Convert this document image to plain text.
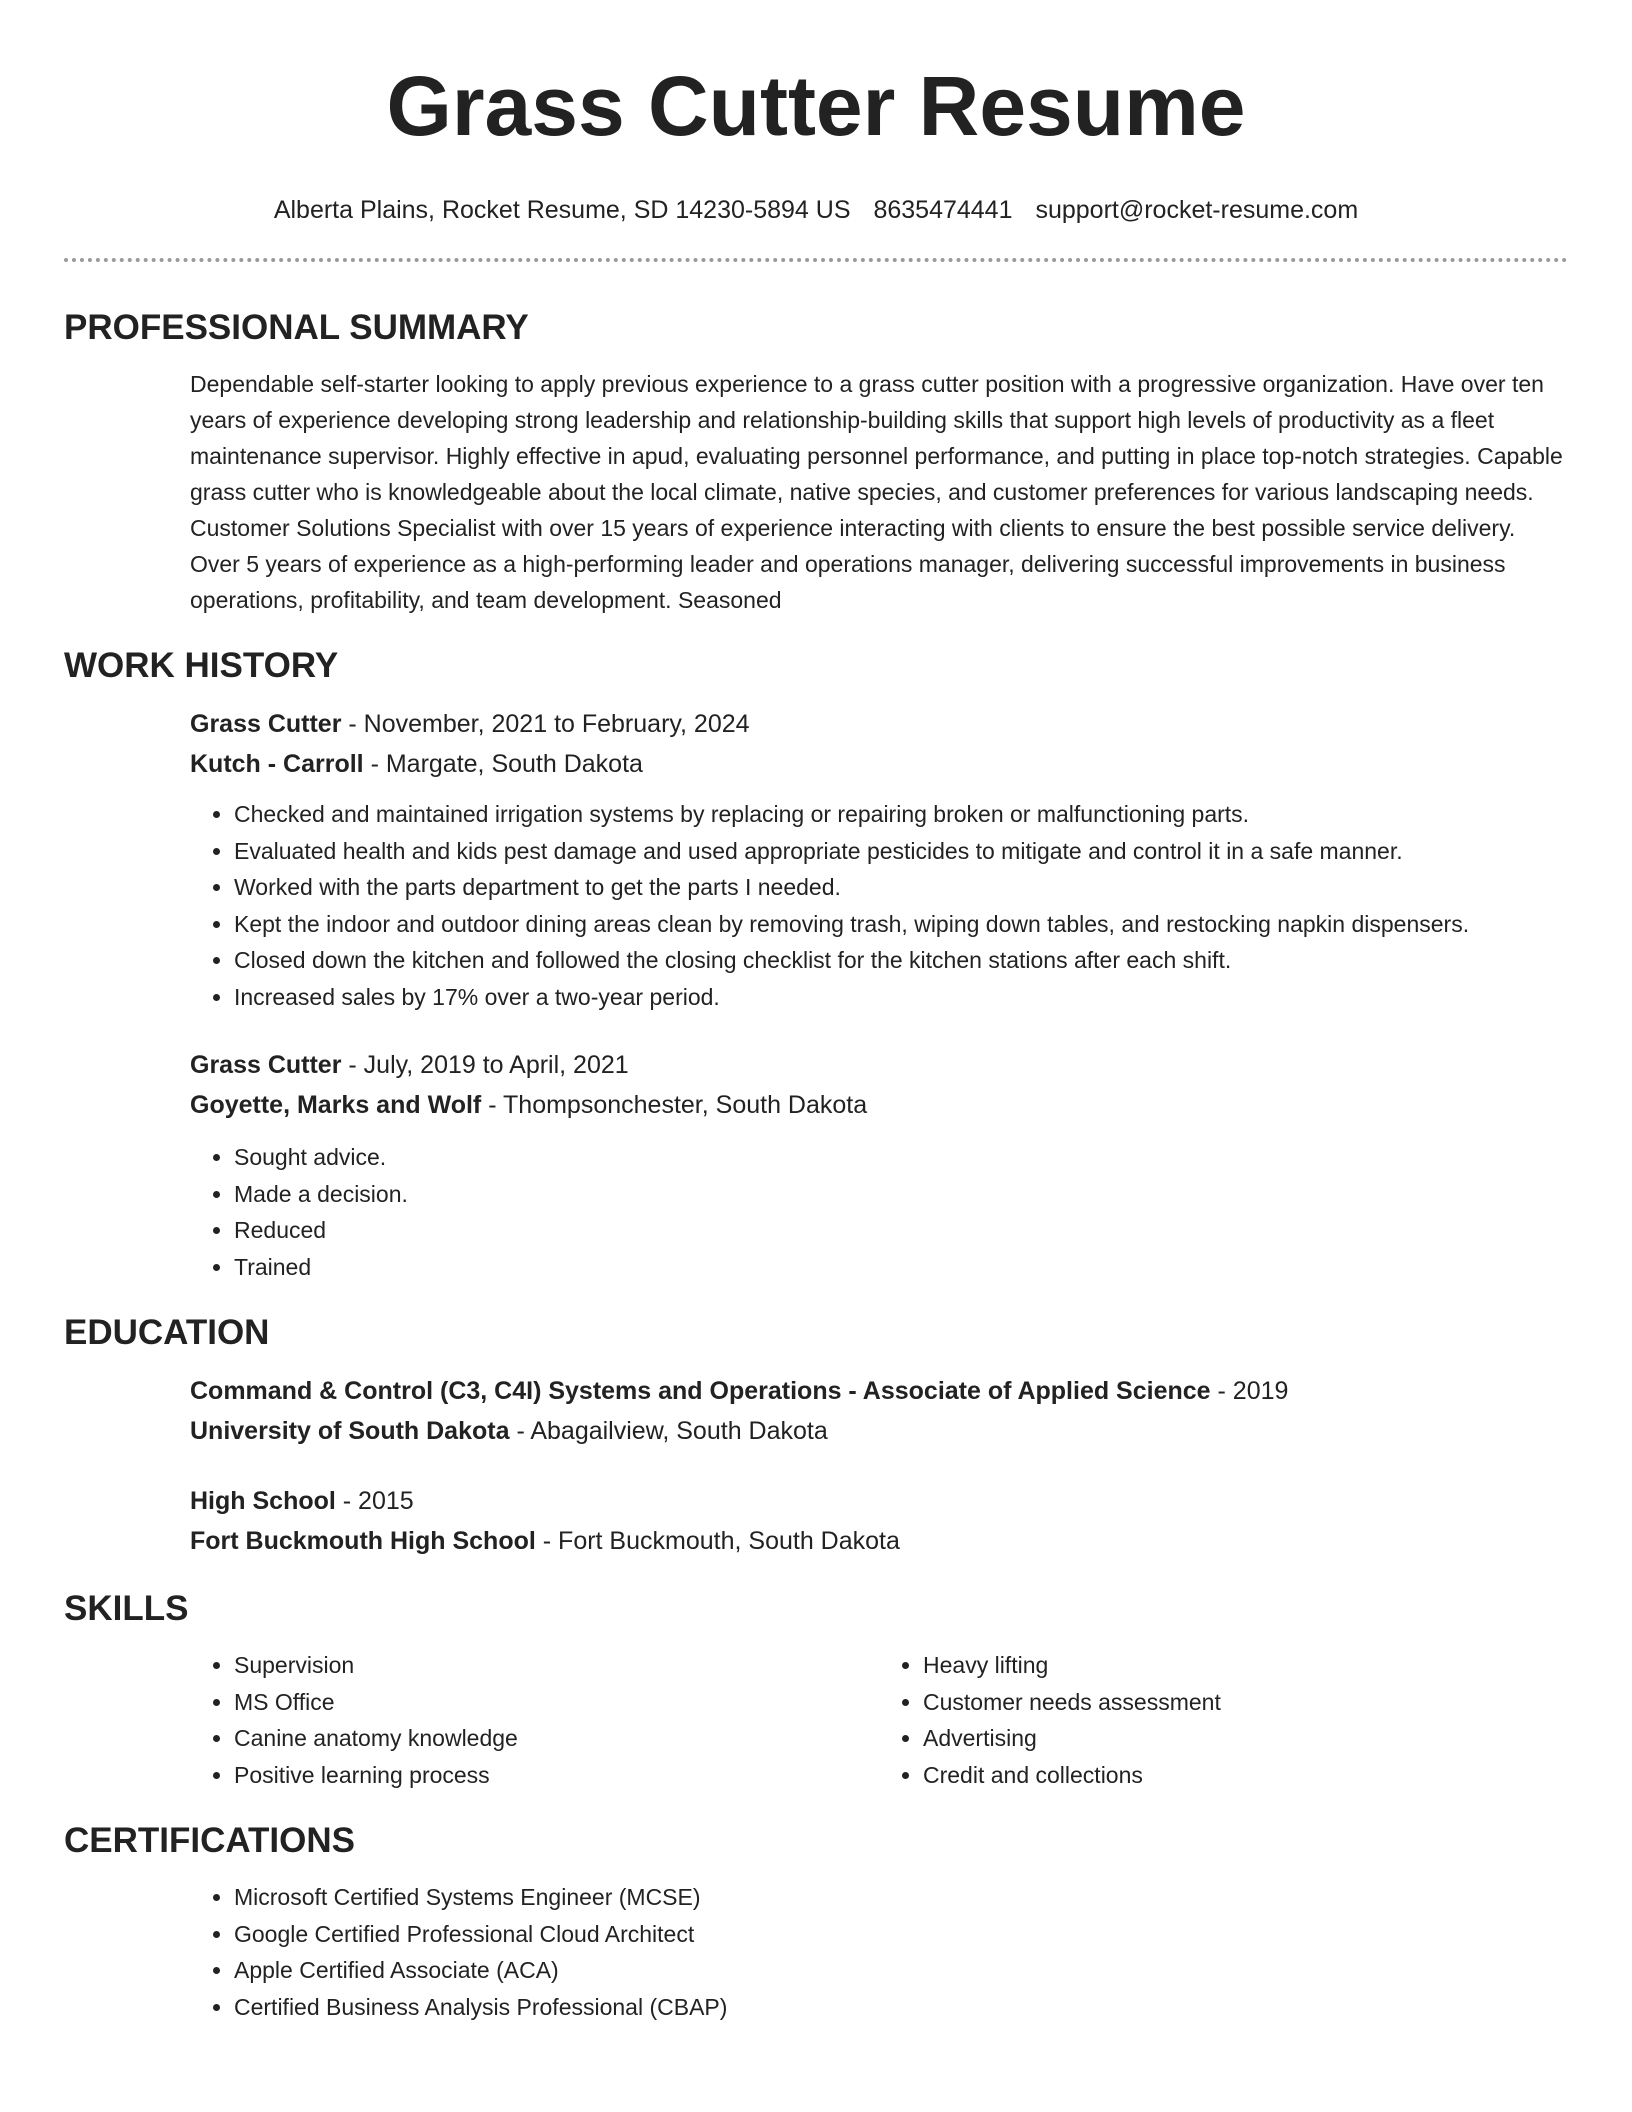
Grass Cutter Resume
Alberta Plains, Rocket Resume, SD 14230-5894 US 8635474441 support@rocket-resume.com
PROFESSIONAL SUMMARY

Dependable self-starter looking to apply previous experience to a grass cutter position with a progressive organization. Have over ten years of experience developing strong leadership and relationship-building skills that support high levels of productivity as a fleet maintenance supervisor. Highly effective in apud, evaluating personnel performance, and putting in place top-notch strategies. Capable grass cutter who is knowledgeable about the local climate, native species, and customer preferences for various landscaping needs. Customer Solutions Specialist with over 15 years of experience interacting with clients to ensure the best possible service delivery. Over 5 years of experience as a high-performing leader and operations manager, delivering successful improvements in business operations, profitability, and team development. Seasoned

WORK HISTORY

Grass Cutter - November, 2021 to February, 2024

Kutch - Carroll - Margate, South Dakota

• Checked and maintained irrigation systems by replacing or repairing broken or malfunctioning parts.
• Evaluated health and kids pest damage and used appropriate pesticides to mitigate and control it in a safe manner.
• Worked with the parts department to get the parts I needed.
• Kept the indoor and outdoor dining areas clean by removing trash, wiping down tables, and restocking napkin dispensers.
• Closed down the kitchen and followed the closing checklist for the kitchen stations after each shift.
• Increased sales by 17% over a two-year period.

Grass Cutter - July, 2019 to April, 2021

Goyette, Marks and Wolf - Thompsonchester, South Dakota

• Sought advice.
• Made a decision.
• Reduced
• Trained
EDUCATION

Command & Control (C3, C4I) Systems and Operations - Associate of Applied Science - 2019

University of South Dakota - Abagailview, South Dakota

High School - 2015

Fort Buckmouth High School - Fort Buckmouth, South Dakota

SKILLS
• Supervision
• MS Office
• Canine anatomy knowledge
• Positive learning process
• Heavy lifting
• Customer needs assessment
• Advertising
• Credit and collections
CERTIFICATIONS
• Microsoft Certified Systems Engineer (MCSE)
• Google Certified Professional Cloud Architect
• Apple Certified Associate (ACA)
• Certified Business Analysis Professional (CBAP)
